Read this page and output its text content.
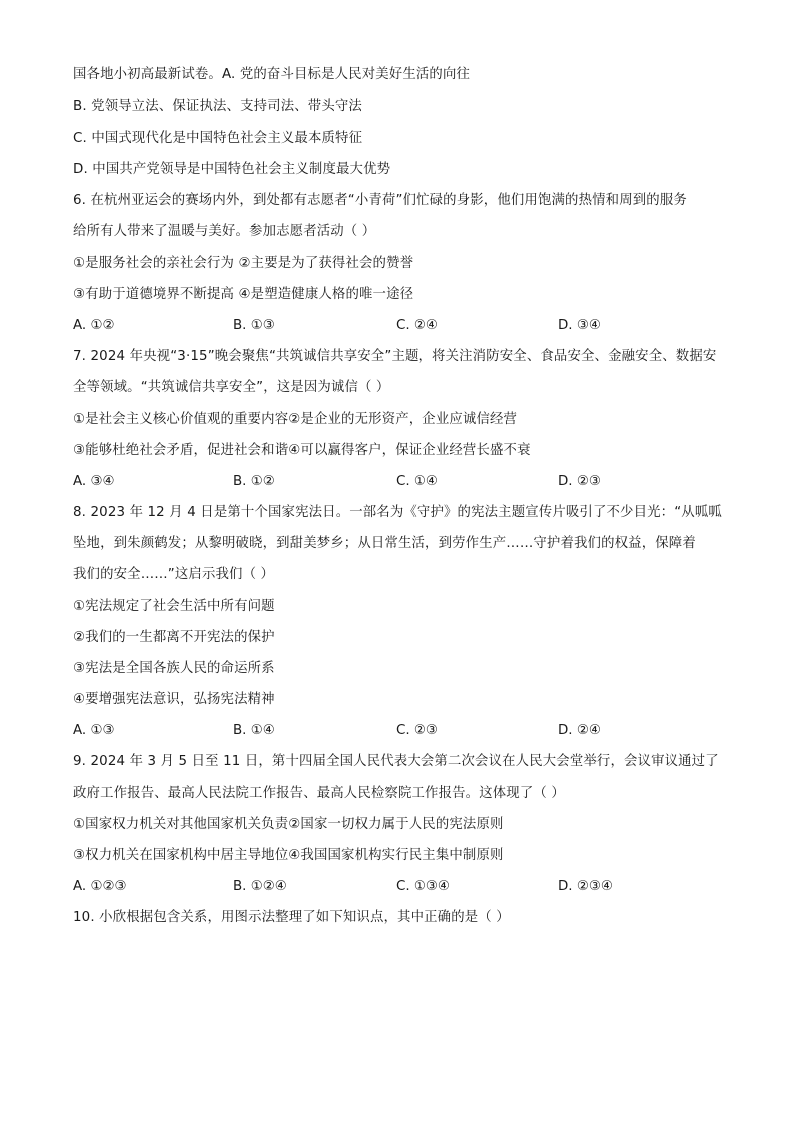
国各地小初高最新试卷。A. 党的奋斗目标是人民对美好生活的向往
B. 党领导立法、保证执法、支持司法、带头守法
C. 中国式现代化是中国特色社会主义最本质特征
D. 中国共产党领导是中国特色社会主义制度最大优势
6. 在杭州亚运会的赛场内外，到处都有志愿者“小青荷”们忙碌的身影，他们用饱满的热情和周到的服务
给所有人带来了温暖与美好。参加志愿者活动（ ）
①是服务社会的亲社会行为 ②主要是为了获得社会的赞誉
③有助于道德境界不断提高 ④是塑造健康人格的唯一途径
A. ①②	B. ①③	C. ②④	D. ③④
7. 2024 年央视“3·15”晚会聚焦“共筑诚信共享安全”主题，将关注消防安全、食品安全、金融安全、数据安
全等领域。“共筑诚信共享安全”，这是因为诚信（ ）
①是社会主义核心价值观的重要内容②是企业的无形资产，企业应诚信经营
③能够杜绝社会矛盾，促进社会和谐④可以赢得客户，保证企业经营长盛不衰
A. ③④	B. ①②	C. ①④	D. ②③
8. 2023 年 12 月 4 日是第十个国家宪法日。一部名为《守护》的宪法主题宣传片吸引了不少目光：“从呱呱
坠地，到朱颜鹤发；从黎明破晓，到甜美梦乡；从日常生活，到劳作生产……守护着我们的权益，保障着
我们的安全……”这启示我们（ ）
①宪法规定了社会生活中所有问题
②我们的一生都离不开宪法的保护
③宪法是全国各族人民的命运所系
④要增强宪法意识，弘扬宪法精神
A. ①③	B. ①④	C. ②③	D. ②④
9. 2024 年 3 月 5 日至 11 日，第十四届全国人民代表大会第二次会议在人民大会堂举行，会议审议通过了
政府工作报告、最高人民法院工作报告、最高人民检察院工作报告。这体现了（ ）
①国家权力机关对其他国家机关负责②国家一切权力属于人民的宪法原则
③权力机关在国家机构中居主导地位④我国国家机构实行民主集中制原则
A. ①②③	B. ①②④	C. ①③④	D. ②③④
10. 小欣根据包含关系，用图示法整理了如下知识点，其中正确的是（ ）
